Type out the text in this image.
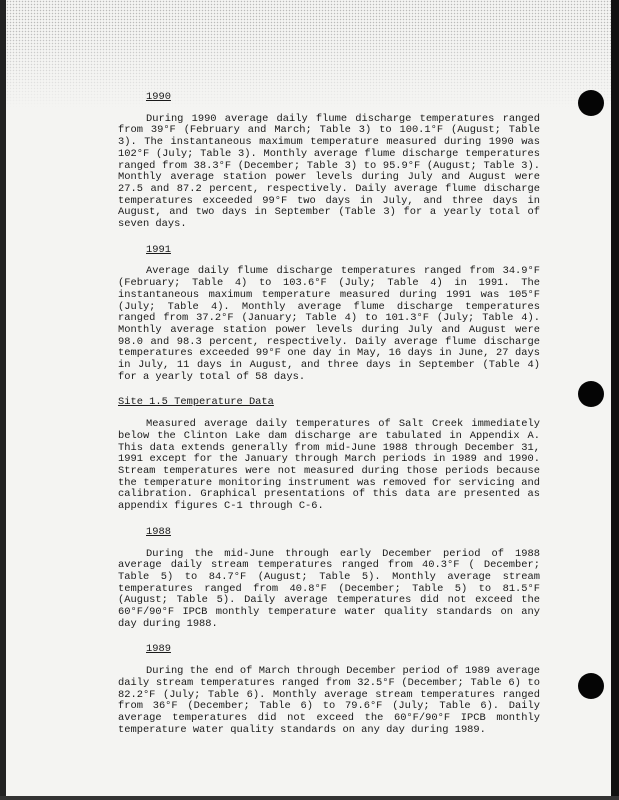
1990

During 1990 average daily flume discharge temperatures ranged from 39°F (February and March; Table 3) to 100.1°F (August; Table 3). The instantaneous maximum temperature measured during 1990 was 102°F (July; Table 3). Monthly average flume discharge temperatures ranged from 38.3°F (December; Table 3) to 95.9°F (August; Table 3). Monthly average station power levels during July and August were 27.5 and 87.2 percent, respectively. Daily average flume discharge temperatures exceeded 99°F two days in July, and three days in August, and two days in September (Table 3) for a yearly total of seven days.

1991

Average daily flume discharge temperatures ranged from 34.9°F (February; Table 4) to 103.6°F (July; Table 4) in 1991. The instantaneous maximum temperature measured during 1991 was 105°F (July; Table 4). Monthly average flume discharge temperatures ranged from 37.2°F (January; Table 4) to 101.3°F (July; Table 4). Monthly average station power levels during July and August were 98.0 and 98.3 percent, respectively. Daily average flume discharge temperatures exceeded 99°F one day in May, 16 days in June, 27 days in July, 11 days in August, and three days in September (Table 4) for a yearly total of 58 days.

Site 1.5 Temperature Data

Measured average daily temperatures of Salt Creek immediately below the Clinton Lake dam discharge are tabulated in Appendix A. This data extends generally from mid-June 1988 through December 31, 1991 except for the January through March periods in 1989 and 1990. Stream temperatures were not measured during those periods because the temperature monitoring instrument was removed for servicing and calibration. Graphical presentations of this data are presented as appendix figures C-1 through C-6.

1988

During the mid-June through early December period of 1988 average daily stream temperatures ranged from 40.3°F ( December; Table 5) to 84.7°F (August; Table 5). Monthly average stream temperatures ranged from 40.8°F (December; Table 5) to 81.5°F (August; Table 5). Daily average temperatures did not exceed the 60°F/90°F IPCB monthly temperature water quality standards on any day during 1988.

1989

During the end of March through December period of 1989 average daily stream temperatures ranged from 32.5°F (December; Table 6) to 82.2°F (July; Table 6). Monthly average stream temperatures ranged from 36°F (December; Table 6) to 79.6°F (July; Table 6). Daily average temperatures did not exceed the 60°F/90°F IPCB monthly temperature water quality standards on any day during 1989.
